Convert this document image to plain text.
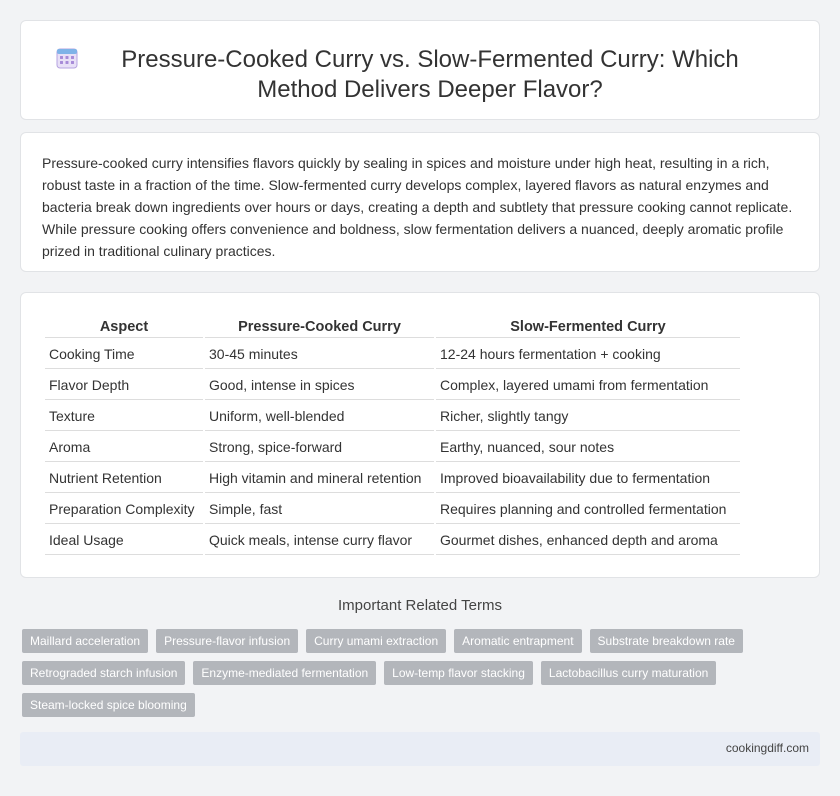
Pressure-Cooked Curry vs. Slow-Fermented Curry: Which Method Delivers Deeper Flavor?

Pressure-cooked curry intensifies flavors quickly by sealing in spices and moisture under high heat, resulting in a rich, robust taste in a fraction of the time. Slow-fermented curry develops complex, layered flavors as natural enzymes and bacteria break down ingredients over hours or days, creating a depth and subtlety that pressure cooking cannot replicate. While pressure cooking offers convenience and boldness, slow fermentation delivers a nuanced, deeply aromatic profile prized in traditional culinary practices.

Aspect	Pressure-Cooked Curry	Slow-Fermented Curry
Cooking Time	30-45 minutes	12-24 hours fermentation + cooking
Flavor Depth	Good, intense in spices	Complex, layered umami from fermentation
Texture	Uniform, well-blended	Richer, slightly tangy
Aroma	Strong, spice-forward	Earthy, nuanced, sour notes
Nutrient Retention	High vitamin and mineral retention	Improved bioavailability due to fermentation
Preparation Complexity	Simple, fast	Requires planning and controlled fermentation
Ideal Usage	Quick meals, intense curry flavor	Gourmet dishes, enhanced depth and aroma
Important Related Terms
Maillard acceleration	Pressure-flavor infusion	Curry umami extraction	Aromatic entrapment	Substrate breakdown rate
Retrograded starch infusion	Enzyme-mediated fermentation	Low-temp flavor stacking	Lactobacillus curry maturation
Steam-locked spice blooming
cookingdiff.com
